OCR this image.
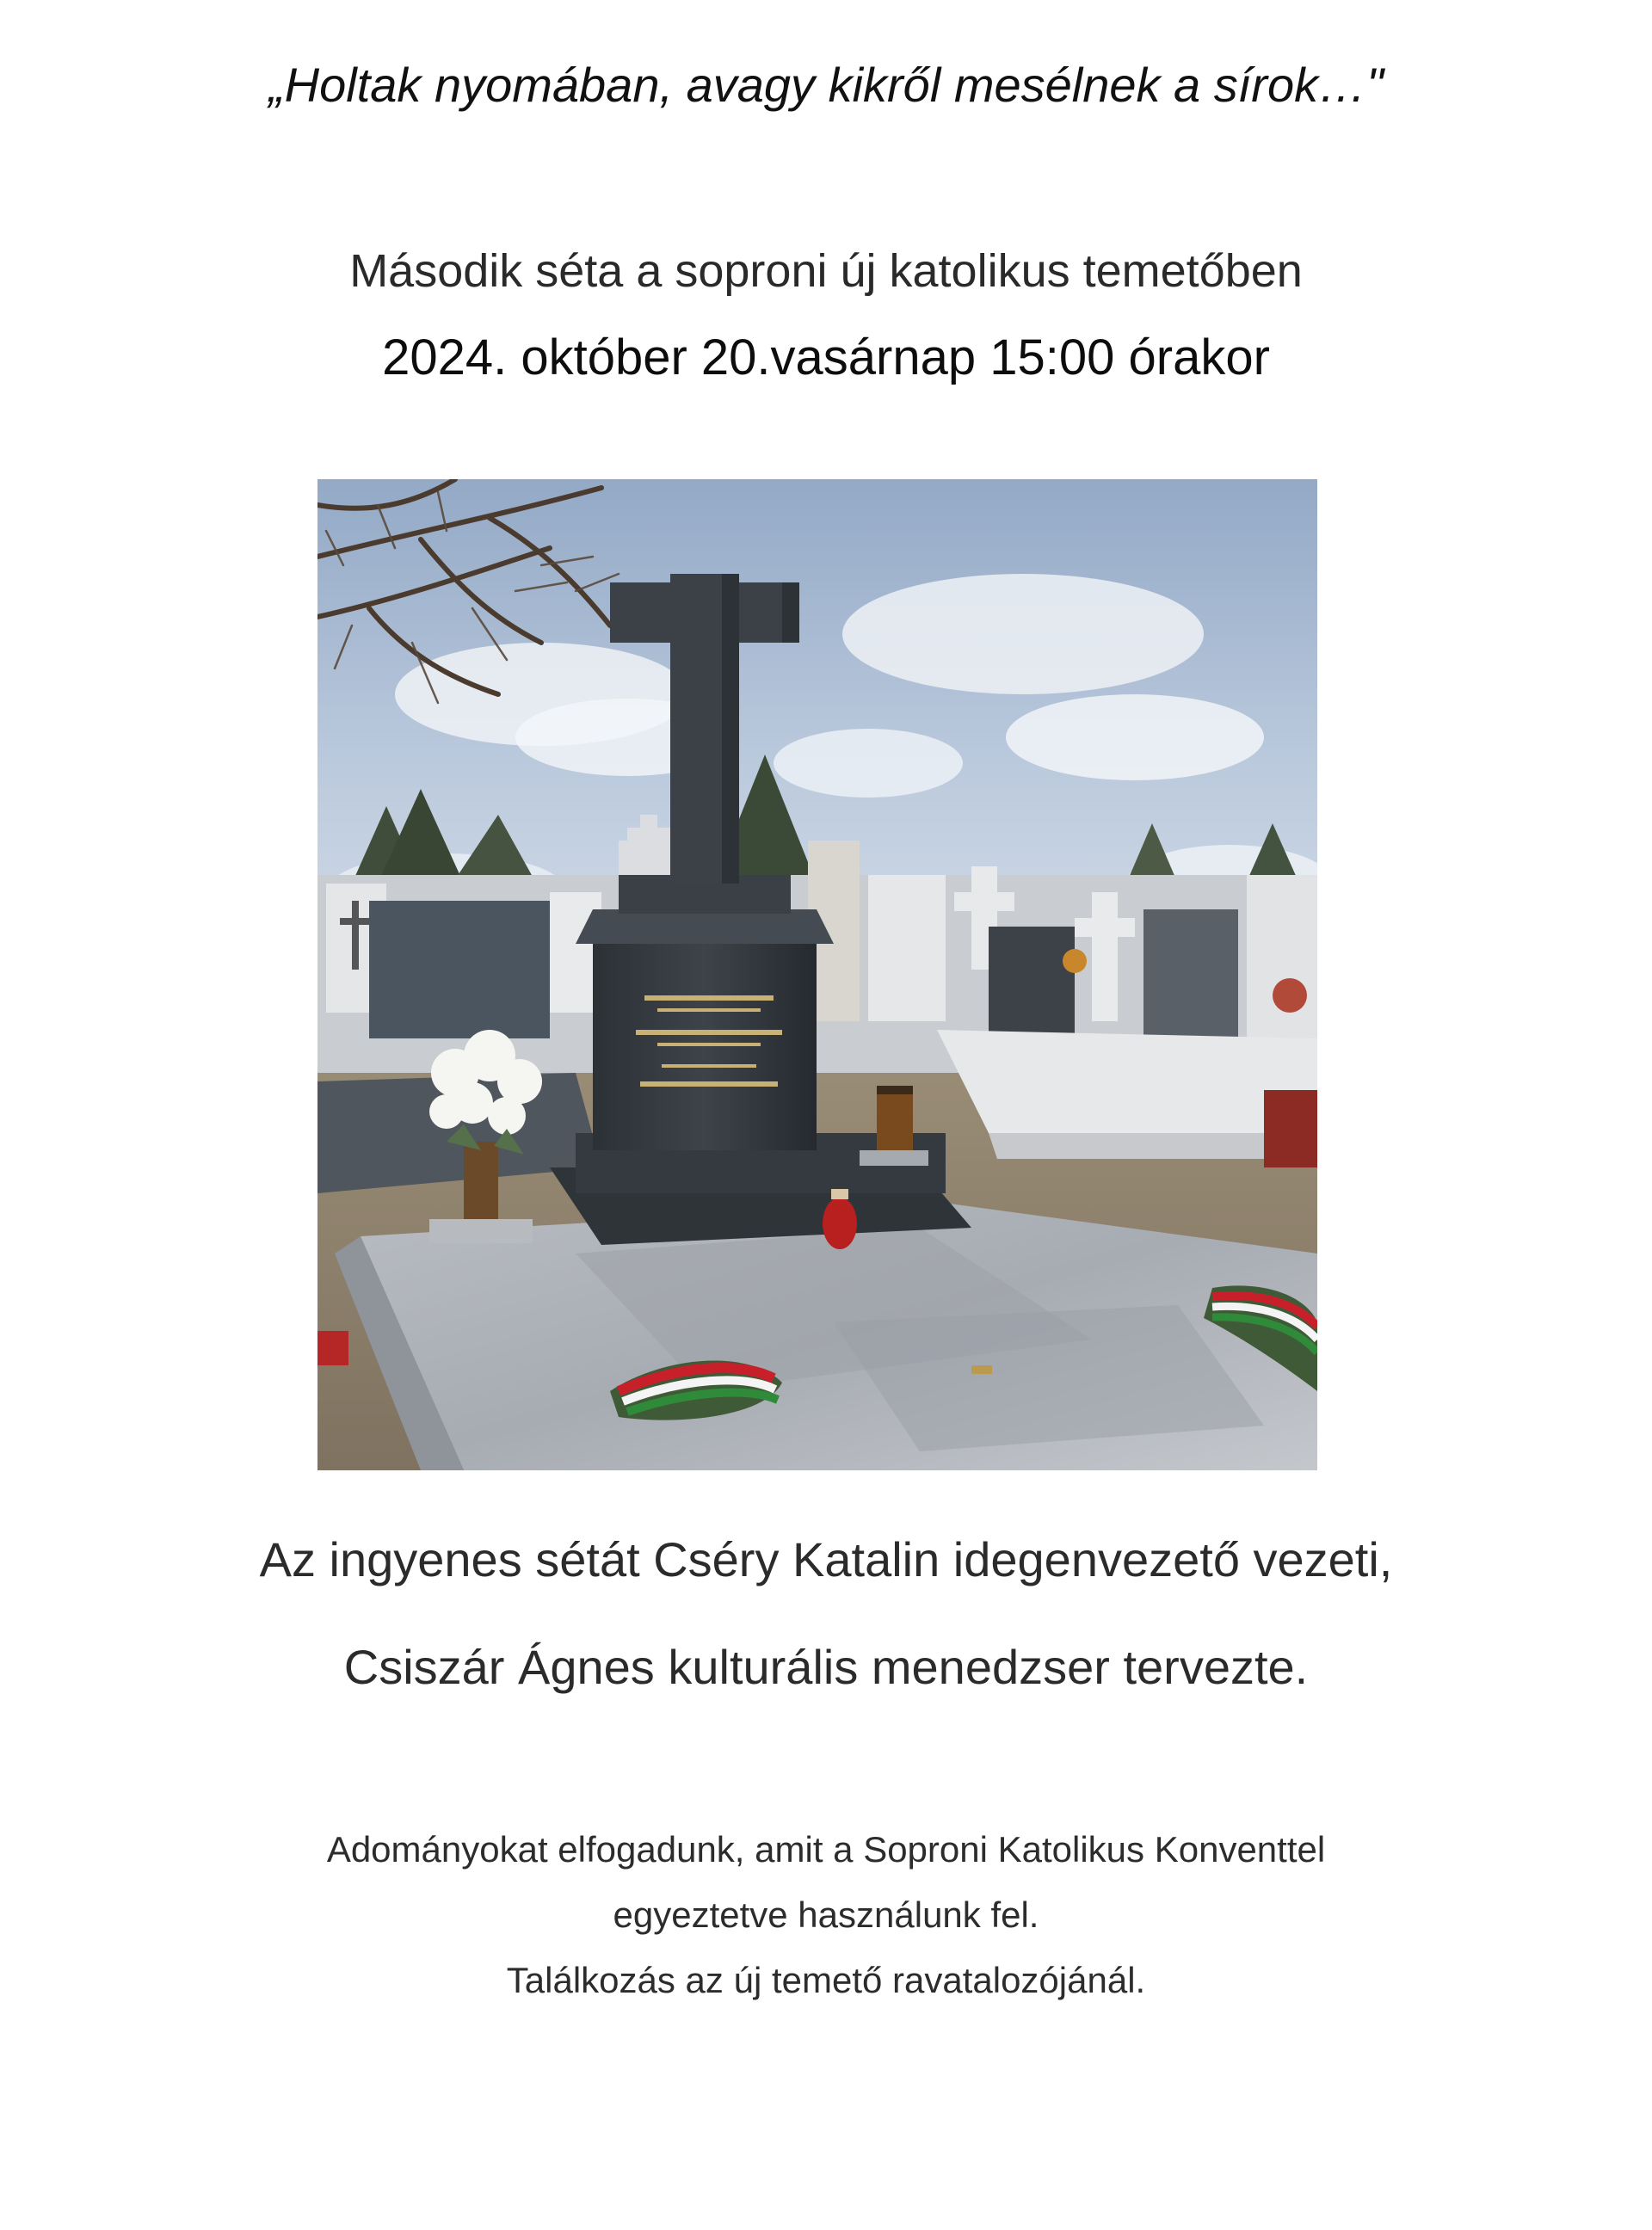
„Holtak nyomában, avagy kikről mesélnek a sírok…"
Második séta a soproni új katolikus temetőben
2024. október 20.vasárnap 15:00 órakor
Az ingyenes sétát Cséry Katalin idegenvezető vezeti,
Csiszár Ágnes kulturális menedzser tervezte.
Adományokat elfogadunk, amit a Soproni Katolikus Konventtel
egyeztetve használunk fel.
Találkozás az új temető ravatalozójánál.
